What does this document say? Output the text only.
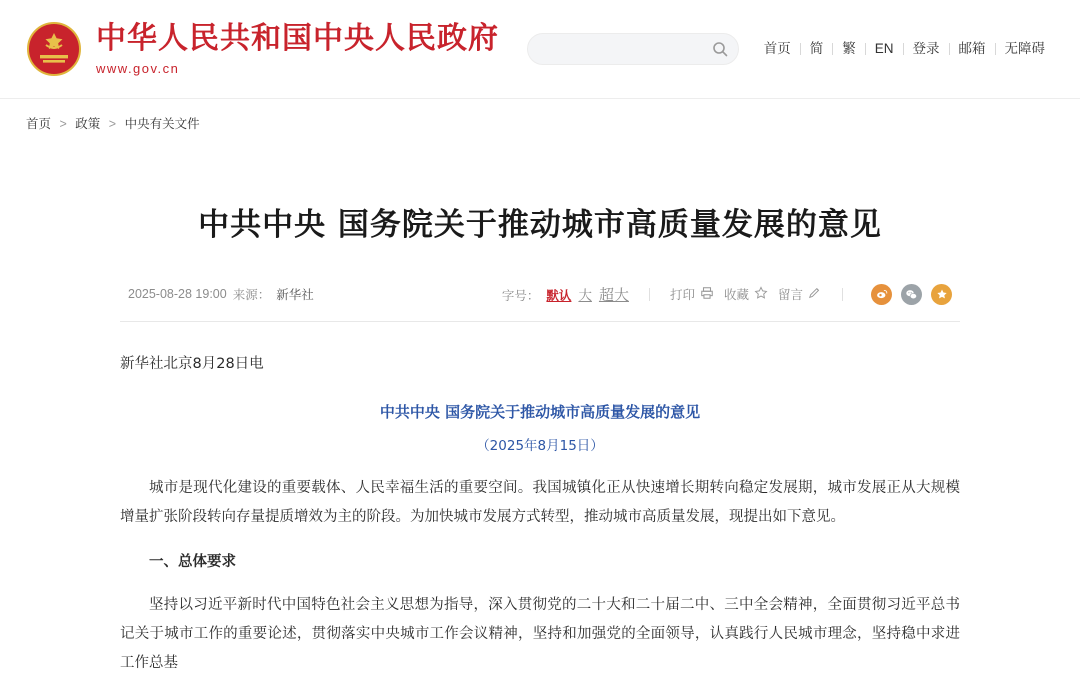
中华人民共和国中央人民政府
www.gov.cn
首页	简	繁	EN	登录	邮箱	无障碍
首页 > 政策 > 中央有关文件
中共中央 国务院关于推动城市高质量发展的意见
2025-08-28 19:00 来源： 新华社	字号： 默认 大 超大	打印 收藏 留言
新华社北京8月28日电
中共中央 国务院关于推动城市高质量发展的意见
（2025年8月15日）

城市是现代化建设的重要载体、人民幸福生活的重要空间。我国城镇化正从快速增长期转向稳定发展期，城市发展正从大规模增量扩张阶段转向存量提质增效为主的阶段。为加快城市发展方式转型，推动城市高质量发展，现提出如下意见。

一、总体要求

坚持以习近平新时代中国特色社会主义思想为指导，深入贯彻党的二十大和二十届二中、三中全会精神，全面贯彻习近平总书记关于城市工作的重要论述，贯彻落实中央城市工作会议精神，坚持和加强党的全面领导，认真践行人民城市理念，坚持稳中求进工作总基
